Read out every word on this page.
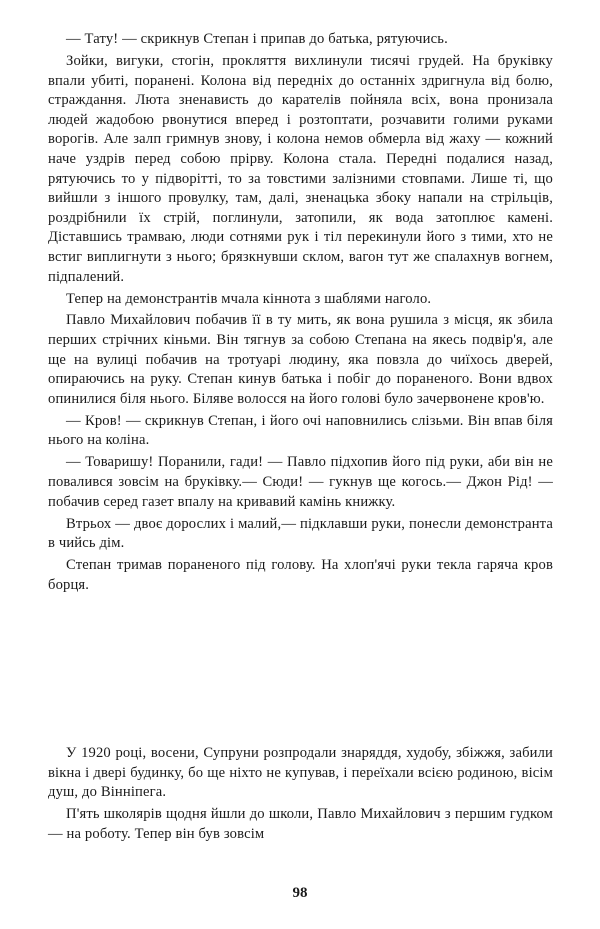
— Тату! — скрикнув Степан і припав до батька, рятуючись.

Зойки, вигуки, стогін, прокляття вихлинули тисячі грудей. На бруківку впали убиті, поранені. Колона від передніх до останніх здригнула від болю, страждання. Люта зненависть до карателів пойняла всіх, вона пронизала людей жадобою рвонутися вперед і розтоптати, розчавити голими руками ворогів. Але залп гримнув знову, і колона немов обмерла від жаху — кожний наче уздрів перед собою прірву. Колона стала. Передні подалися назад, рятуючись то у підворітті, то за товстими залізними стовпами. Лише ті, що вийшли з іншого провулку, там, далі, зненацька збоку напали на стрільців, роздрібнили їх стрій, поглинули, затопили, як вода затоплює камені. Діставшись трамваю, люди сотнями рук і тіл перекинули його з тими, хто не встиг виплигнути з нього; брязкнувши склом, вагон тут же спалахнув вогнем, підпалений.

Тепер на демонстрантів мчала кіннота з шаблями наголо.

Павло Михайлович побачив її в ту мить, як вона рушила з місця, як збила перших стрічних кіньми. Він тягнув за собою Степана на якесь подвір'я, але ще на вулиці побачив на тротуарі людину, яка повзла до чиїхось дверей, опираючись на руку. Степан кинув батька і побіг до пораненого. Вони вдвох опинилися біля нього. Біляве волосся на його голові було зачервонене кров'ю.

— Кров! — скрикнув Степан, і його очі наповнились слізьми. Він впав біля нього на коліна.

— Товаришу! Поранили, гади! — Павло підхопив його під руки, аби він не повалився зовсім на бруківку.— Сюди! — гукнув ще когось.— Джон Рід! — побачив серед газет впалу на кривавий камінь книжку.

Втрьох — двоє дорослих і малий,— підклавши руки, понесли демонстранта в чийсь дім.

Степан тримав пораненого під голову. На хлоп'ячі руки текла гаряча кров борця.

У 1920 році, восени, Супруни розпродали знаряддя, худобу, збіжжя, забили вікна і двері будинку, бо ще ніхто не купував, і переїхали всією родиною, вісім душ, до Вінніпега.

П'ять школярів щодня йшли до школи, Павло Михайлович з першим гудком — на роботу. Тепер він був зовсім

98
